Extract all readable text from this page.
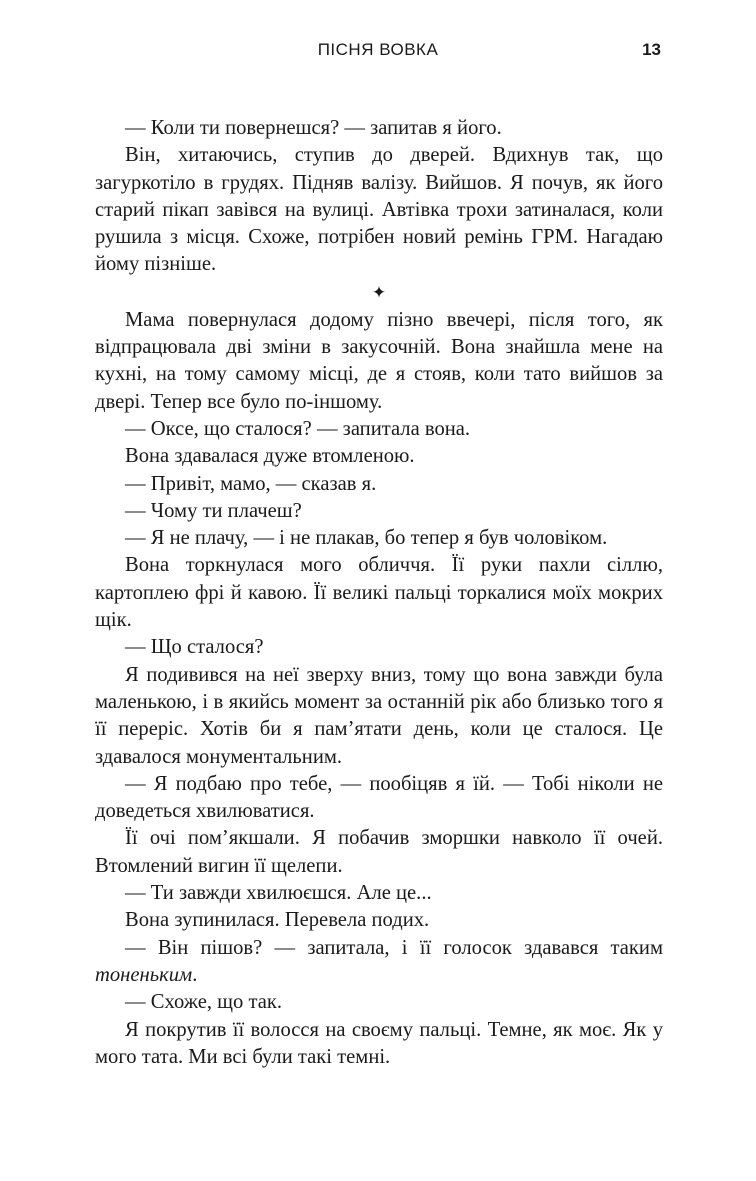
ПІСНЯ ВОВКА	13

— Коли ти повернешся? — запитав я його.

Він, хитаючись, ступив до дверей. Вдихнув так, що загуркотіло в грудях. Підняв валізу. Вийшов. Я почув, як його старий пікап завівся на вулиці. Автівка трохи затиналася, коли рушила з місця. Схоже, потрібен новий ремінь ГРМ. Нагадаю йому пізніше.

✦

Мама повернулася додому пізно ввечері, після того, як відпрацювала дві зміни в закусочній. Вона знайшла мене на кухні, на тому самому місці, де я стояв, коли тато вийшов за двері. Тепер все було по-іншому.

— Оксе, що сталося? — запитала вона.

Вона здавалася дуже втомленою.

— Привіт, мамо, — сказав я.

— Чому ти плачеш?

— Я не плачу, — і не плакав, бо тепер я був чоловіком.

Вона торкнулася мого обличчя. Її руки пахли сіллю, картоплею фрі й кавою. Її великі пальці торкалися моїх мокрих щік.

— Що сталося?

Я подивився на неї зверху вниз, тому що вона завжди була маленькою, і в якийсь момент за останній рік або близько того я її переріс. Хотів би я пам’ятати день, коли це сталося. Це здавалося монументальним.

— Я подбаю про тебе, — пообіцяв я їй. — Тобі ніколи не доведеться хвилюватися.

Її очі пом’якшали. Я побачив зморшки навколо її очей. Втомлений вигин її щелепи.

— Ти завжди хвилюєшся. Але це...

Вона зупинилася. Перевела подих.

— Він пішов? — запитала, і її голосок здавався таким тоненьким.

— Схоже, що так.

Я покрутив її волосся на своєму пальці. Темне, як моє. Як у мого тата. Ми всі були такі темні.
